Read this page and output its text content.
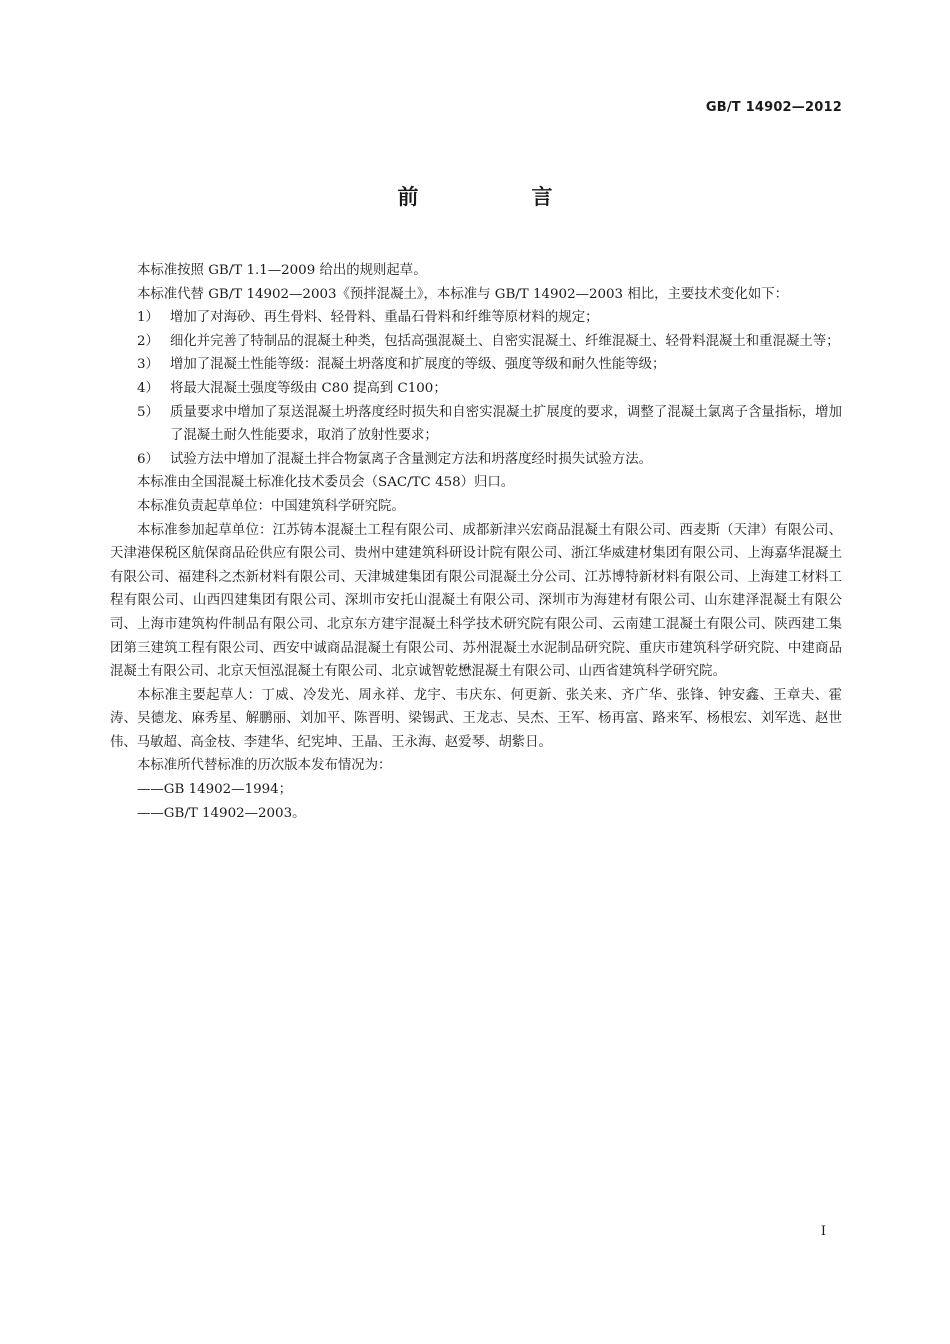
GB/T 14902—2012
前　言

本标准按照 GB/T 1.1—2009 给出的规则起草。

本标准代替 GB/T 14902—2003《预拌混凝土》，本标准与 GB/T 14902—2003 相比，主要技术变化如下：

1） 增加了对海砂、再生骨料、轻骨料、重晶石骨料和纤维等原材料的规定；
2） 细化并完善了特制品的混凝土种类，包括高强混凝土、自密实混凝土、纤维混凝土、轻骨料混凝土和重混凝土等；
3） 增加了混凝土性能等级：混凝土坍落度和扩展度的等级、强度等级和耐久性能等级；
4） 将最大混凝土强度等级由 C80 提高到 C100；
5） 质量要求中增加了泵送混凝土坍落度经时损失和自密实混凝土扩展度的要求，调整了混凝土氯离子含量指标，增加了混凝土耐久性能要求，取消了放射性要求；
6） 试验方法中增加了混凝土拌合物氯离子含量测定方法和坍落度经时损失试验方法。

本标准由全国混凝土标准化技术委员会（SAC/TC 458）归口。

本标准负责起草单位：中国建筑科学研究院。

本标准参加起草单位：江苏铸本混凝土工程有限公司、成都新津兴宏商品混凝土有限公司、西麦斯（天津）有限公司、天津港保税区航保商品砼供应有限公司、贵州中建建筑科研设计院有限公司、浙江华威建材集团有限公司、上海嘉华混凝土有限公司、福建科之杰新材料有限公司、天津城建集团有限公司混凝土分公司、江苏博特新材料有限公司、上海建工材料工程有限公司、山西四建集团有限公司、深圳市安托山混凝土有限公司、深圳市为海建材有限公司、山东建泽混凝土有限公司、上海市建筑构件制品有限公司、北京东方建宇混凝土科学技术研究院有限公司、云南建工混凝土有限公司、陕西建工集团第三建筑工程有限公司、西安中诚商品混凝土有限公司、苏州混凝土水泥制品研究院、重庆市建筑科学研究院、中建商品混凝土有限公司、北京天恒泓混凝土有限公司、北京诚智乾懋混凝土有限公司、山西省建筑科学研究院。

本标准主要起草人：丁威、冷发光、周永祥、龙宇、韦庆东、何更新、张关来、齐广华、张锋、钟安鑫、王章夫、霍涛、吴德龙、麻秀星、解鹏丽、刘加平、陈晋明、梁锡武、王龙志、吴杰、王军、杨再富、路来军、杨根宏、刘军选、赵世伟、马敏超、高金枝、李建华、纪宪坤、王晶、王永海、赵爱琴、胡紫日。

本标准所代替标准的历次版本发布情况为：

——GB 14902—1994；

——GB/T 14902—2003。

I
